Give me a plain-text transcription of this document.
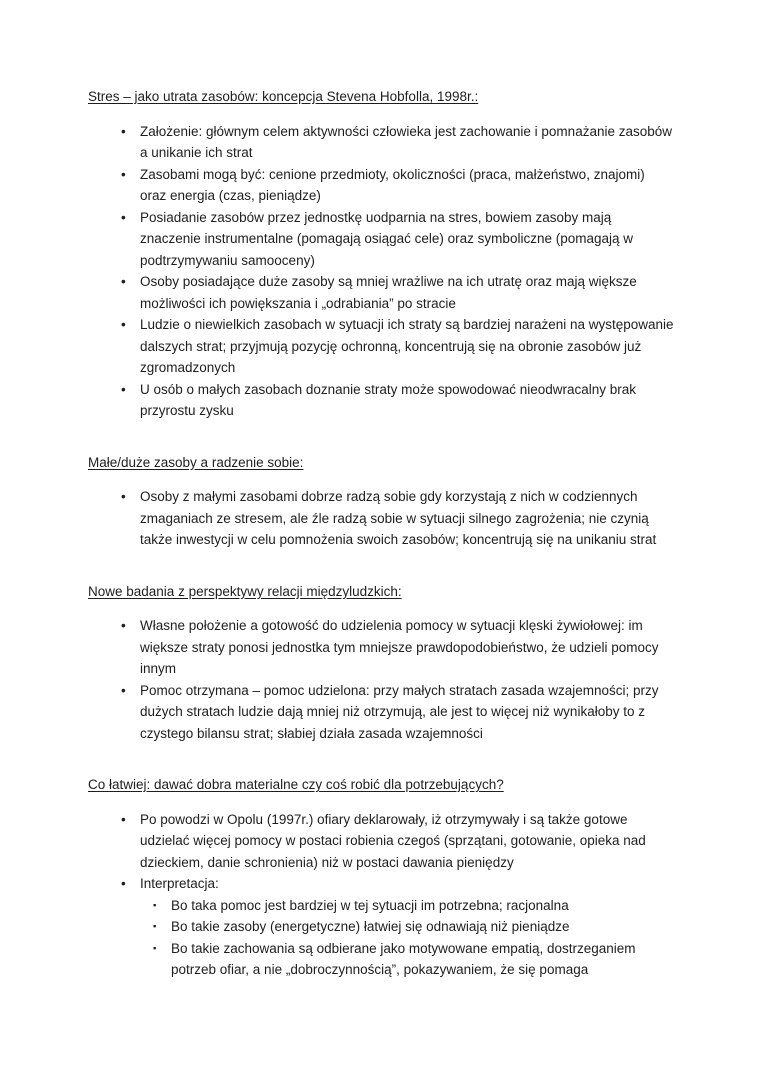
Stres – jako utrata zasobów: koncepcja Stevena Hobfolla, 1998r.:
•	Założenie: głównym celem aktywności człowieka jest zachowanie i pomnażanie zasobów a unikanie ich strat
•	Zasobami mogą być: cenione przedmioty, okoliczności (praca, małżeństwo, znajomi) oraz energia (czas, pieniądze)
•	Posiadanie zasobów przez jednostkę uodparnia na stres, bowiem zasoby mają znaczenie instrumentalne (pomagają osiągać cele) oraz symboliczne (pomagają w podtrzymywaniu samooceny)
•	Osoby posiadające duże zasoby są mniej wrażliwe na ich utratę oraz mają większe możliwości ich powiększania i „odrabiania” po stracie
•	Ludzie o niewielkich zasobach w sytuacji ich straty są bardziej narażeni na występowanie dalszych strat; przyjmują pozycję ochronną, koncentrują się na obronie zasobów już zgromadzonych
•	U osób o małych zasobach doznanie straty może spowodować nieodwracalny brak przyrostu zysku
Małe/duże zasoby a radzenie sobie:
•	Osoby z małymi zasobami dobrze radzą sobie gdy korzystają z nich w codziennych zmaganiach ze stresem, ale źle radzą sobie w sytuacji silnego zagrożenia; nie czynią także inwestycji w celu pomnożenia swoich zasobów; koncentrują się na unikaniu strat
Nowe badania z perspektywy relacji międzyludzkich:
•	Własne położenie a gotowość do udzielenia pomocy w sytuacji klęski żywiołowej: im większe straty ponosi jednostka tym mniejsze prawdopodobieństwo, że udzieli pomocy innym
•	Pomoc otrzymana – pomoc udzielona: przy małych stratach zasada wzajemności; przy dużych stratach ludzie dają mniej niż otrzymują, ale jest to więcej niż wynikałoby to z czystego bilansu strat; słabiej działa zasada wzajemności
Co łatwiej: dawać dobra materialne czy coś robić dla potrzebujących?
•	Po powodzi w Opolu (1997r.) ofiary deklarowały, iż otrzymywały i są także gotowe udzielać więcej pomocy w postaci robienia czegoś (sprzątani, gotowanie, opieka nad dzieckiem, danie schronienia) niż w postaci dawania pieniędzy
•	Interpretacja:
▪	Bo taka pomoc jest bardziej w tej sytuacji im potrzebna; racjonalna
▪	Bo takie zasoby (energetyczne) łatwiej się odnawiają niż pieniądze
▪	Bo takie zachowania są odbierane jako motywowane empatią, dostrzeganiem potrzeb ofiar, a nie „dobroczynnością”, pokazywaniem, że się pomaga
